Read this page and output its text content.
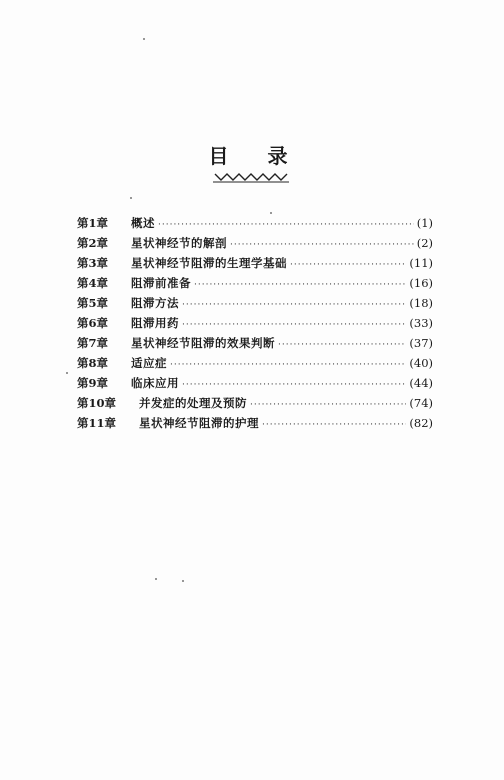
目 录
第1章	概述 ·····	(1)
第2章	星状神经节的解剖 ·····	(2)
第3章	星状神经节阻滞的生理学基础 ·····	(11)
第4章	阻滞前准备 ·····	(16)
第5章	阻滞方法 ·····	(18)
第6章	阻滞用药 ·····	(33)
第7章	星状神经节阻滞的效果判断 ·····	(37)
第8章	适应症 ·····	(40)
第9章	临床应用 ·····	(44)
第10章	并发症的处理及预防 ·····	(74)
第11章	星状神经节阻滞的护理 ·····	(82)
